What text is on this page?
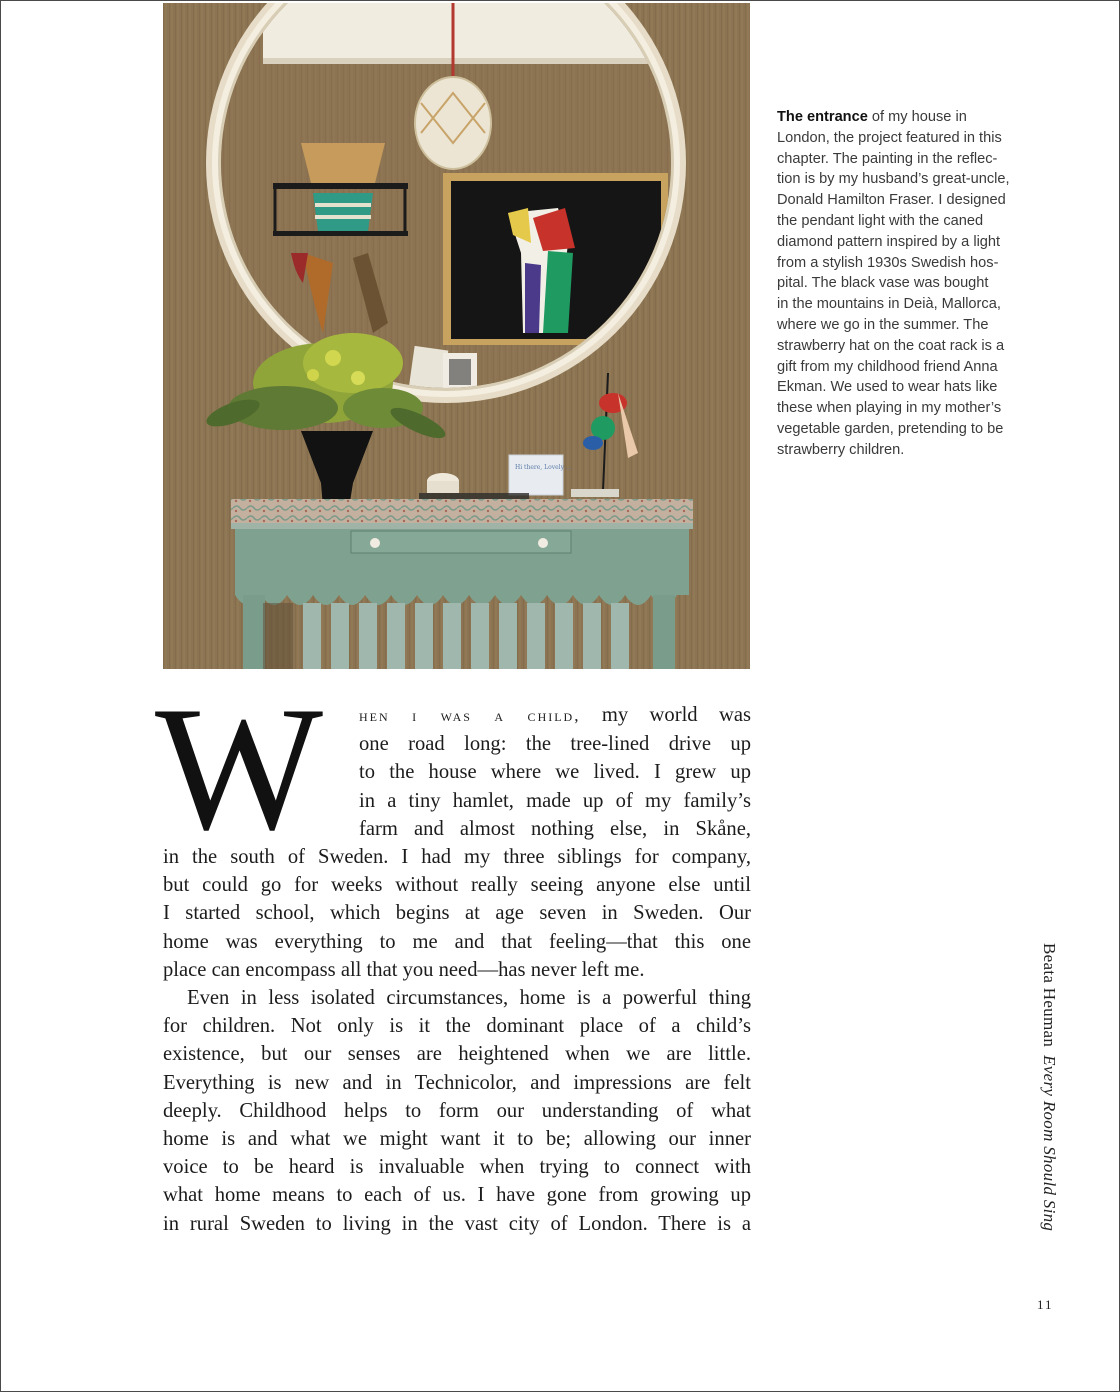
Hi there, Lovely …
The entrance of my house in
London, the project featured in this
chapter. The painting in the reflec-
tion is by my husband’s great-uncle,
Donald Hamilton Fraser. I designed
the pendant light with the caned
diamond pattern inspired by a light
from a stylish 1930s Swedish hos-
pital. The black vase was bought
in the mountains in Deià, Mallorca,
where we go in the summer. The
strawberry hat on the coat rack is a
gift from my childhood friend Anna
Ekman. We used to wear hats like
these when playing in my mother’s
vegetable garden, pretending to be
strawberry children.
W hen i was a child, my world was
one road long: the tree-lined drive up
to the house where we lived. I grew up
in a tiny hamlet, made up of my family’s
farm and almost nothing else, in Skåne,
in the south of Sweden. I had my three siblings for company,
but could go for weeks without really seeing anyone else until
I started school, which begins at age seven in Sweden. Our
home was everything to me and that feeling—that this one
place can encompass all that you need—has never left me.
Even in less isolated circumstances, home is a powerful thing
for children. Not only is it the dominant place of a child’s
existence, but our senses are heightened when we are little.
Everything is new and in Technicolor, and impressions are felt
deeply. Childhood helps to form our understanding of what
home is and what we might want it to be; allowing our inner
voice to be heard is invaluable when trying to connect with
what home means to each of us. I have gone from growing up
in rural Sweden to living in the vast city of London. There is a
Beata HeumanEvery Room Should Sing
11
